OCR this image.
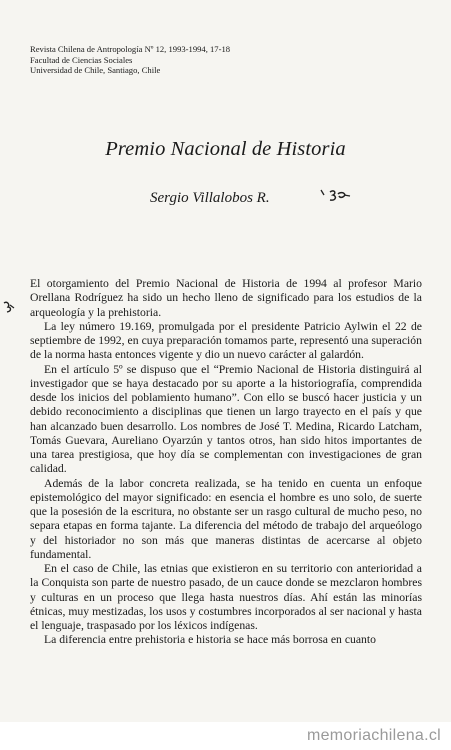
Revista Chilena de Antropología Nº 12, 1993-1994, 17-18
Facultad de Ciencias Sociales
Universidad de Chile, Santiago, Chile
Premio Nacional de Historia
Sergio Villalobos R.

El otorgamiento del Premio Nacional de Historia de 1994 al profesor Mario Orellana Rodríguez ha sido un hecho lleno de significado para los estudios de la arqueología y la prehistoria.

La ley número 19.169, promulgada por el presidente Patricio Aylwin el 22 de septiembre de 1992, en cuya preparación tomamos parte, representó una superación de la norma hasta entonces vigente y dio un nuevo carácter al galardón.

En el artículo 5º se dispuso que el “Premio Nacional de Historia distinguirá al investigador que se haya destacado por su aporte a la historiografía, comprendida desde los inicios del poblamiento humano”. Con ello se buscó hacer justicia y un debido reconocimiento a disciplinas que tienen un largo trayecto en el país y que han alcanzado buen desarrollo. Los nombres de José T. Medina, Ricardo Latcham, Tomás Guevara, Aureliano Oyarzún y tantos otros, han sido hitos importantes de una tarea prestigiosa, que hoy día se complementan con investigaciones de gran calidad.

Además de la labor concreta realizada, se ha tenido en cuenta un enfoque epistemológico del mayor significado: en esencia el hombre es uno solo, de suerte que la posesión de la escritura, no obstante ser un rasgo cultural de mucho peso, no separa etapas en forma tajante. La diferencia del método de trabajo del arqueólogo y del historiador no son más que maneras distintas de acercarse al objeto fundamental.

En el caso de Chile, las etnias que existieron en su territorio con anterioridad a la Conquista son parte de nuestro pasado, de un cauce donde se mezclaron hombres y culturas en un proceso que llega hasta nuestros días. Ahí están las minorías étnicas, muy mestizadas, los usos y costumbres incorporados al ser nacional y hasta el lenguaje, traspasado por los léxicos indígenas.

La diferencia entre prehistoria e historia se hace más borrosa en cuanto

memoriachilena.cl
